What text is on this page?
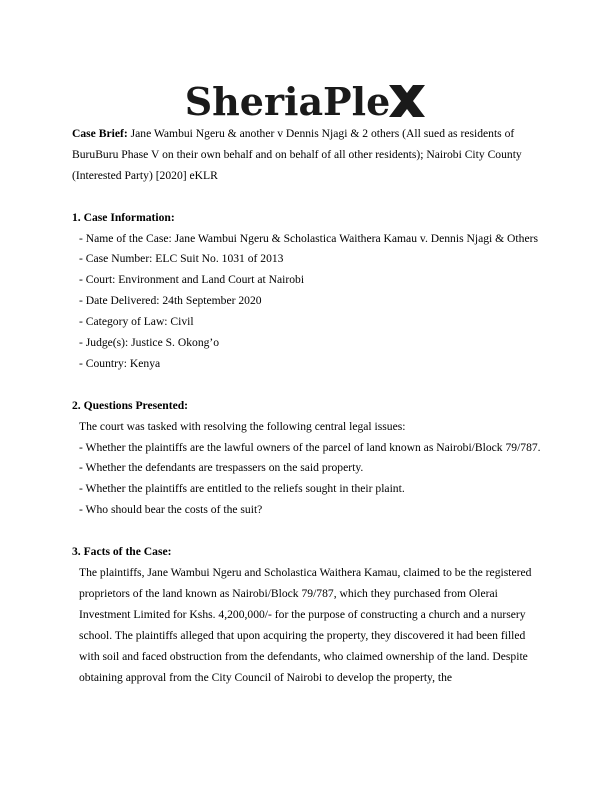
SheriaPle

Case Brief: Jane Wambui Ngeru & another v Dennis Njagi & 2 others (All sued as residents of BuruBuru Phase V on their own behalf and on behalf of all other residents); Nairobi City County (Interested Party) [2020] eKLR

1. Case Information:

- Name of the Case: Jane Wambui Ngeru & Scholastica Waithera Kamau v. Dennis Njagi & Others

- Case Number: ELC Suit No. 1031 of 2013

- Court: Environment and Land Court at Nairobi

- Date Delivered: 24th September 2020

- Category of Law: Civil

- Judge(s): Justice S. Okong’o

- Country: Kenya

2. Questions Presented:

The court was tasked with resolving the following central legal issues:

- Whether the plaintiffs are the lawful owners of the parcel of land known as Nairobi/Block 79/787.

- Whether the defendants are trespassers on the said property.

- Whether the plaintiffs are entitled to the reliefs sought in their plaint.

- Who should bear the costs of the suit?

3. Facts of the Case:

The plaintiffs, Jane Wambui Ngeru and Scholastica Waithera Kamau, claimed to be the registered proprietors of the land known as Nairobi/Block 79/787, which they purchased from Olerai Investment Limited for Kshs. 4,200,000/- for the purpose of constructing a church and a nursery school. The plaintiffs alleged that upon acquiring the property, they discovered it had been filled with soil and faced obstruction from the defendants, who claimed ownership of the land. Despite obtaining approval from the City Council of Nairobi to develop the property, the
